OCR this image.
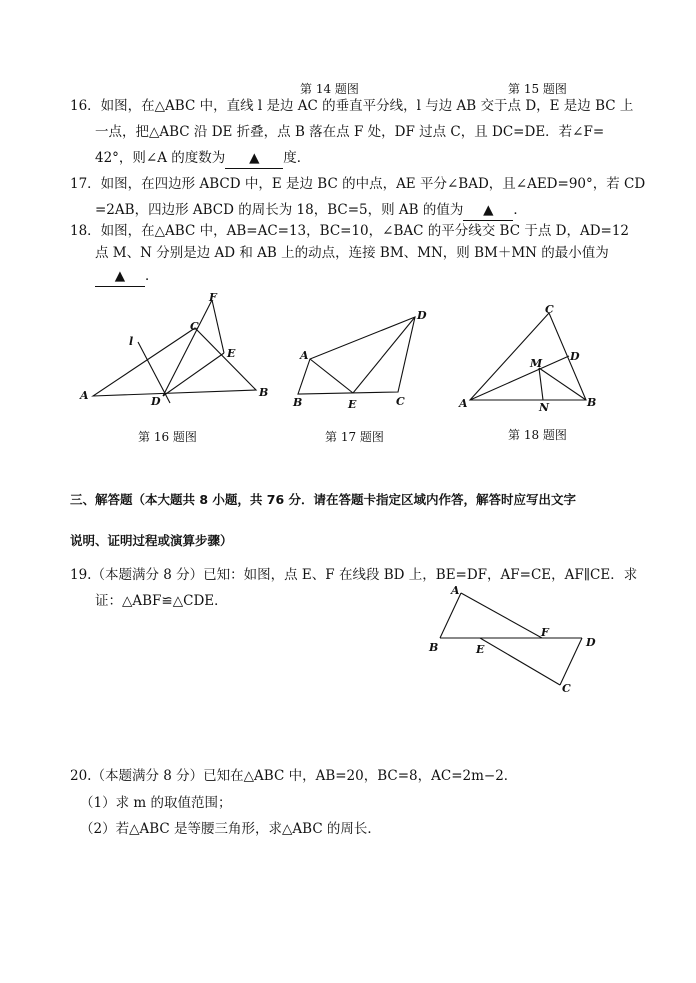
第 14 题图	第 15 题图
16．如图，在△ABC 中，直线 l 是边 AC 的垂直平分线，l 与边 AB 交于点 D，E 是边 BC 上
一点，把△ABC 沿 DE 折叠，点 B 落在点 F 处，DF 过点 C，且 DC=DE．若∠F=
42°，则∠A 的度数为 ▲ 度．
17．如图，在四边形 ABCD 中，E 是边 BC 的中点，AE 平分∠BAD，且∠AED=90°，若 CD
=2AB，四边形 ABCD 的周长为 18，BC=5，则 AB 的值为 ▲ ．
18．如图，在△ABC 中，AB=AC=13，BC=10，∠BAC 的平分线交 BC 于点 D，AD=12
点 M、N 分别是边 AD 和 AB 上的动点，连接 BM、MN，则 BM＋MN 的最小值为
▲ ．
F
C
l
E
A	D
B
第 16 题图
D
A
B	E	C
第 17 题图
C
M
D
A	N	B
第 18 题图
三、解答题（本大题共 8 小题，共 76 分．请在答题卡指定区域内作答，解答时应写出文字
说明、证明过程或演算步骤）
19.（本题满分 8 分）已知：如图，点 E、F 在线段 BD 上，BE=DF，AF=CE，AF∥CE．求
证：△ABF≌△CDE．
A
F
D
B	E
C
20.（本题满分 8 分）已知在△ABC 中，AB=20，BC=8，AC=2m−2．
（1）求 m 的取值范围；
（2）若△ABC 是等腰三角形，求△ABC 的周长．
